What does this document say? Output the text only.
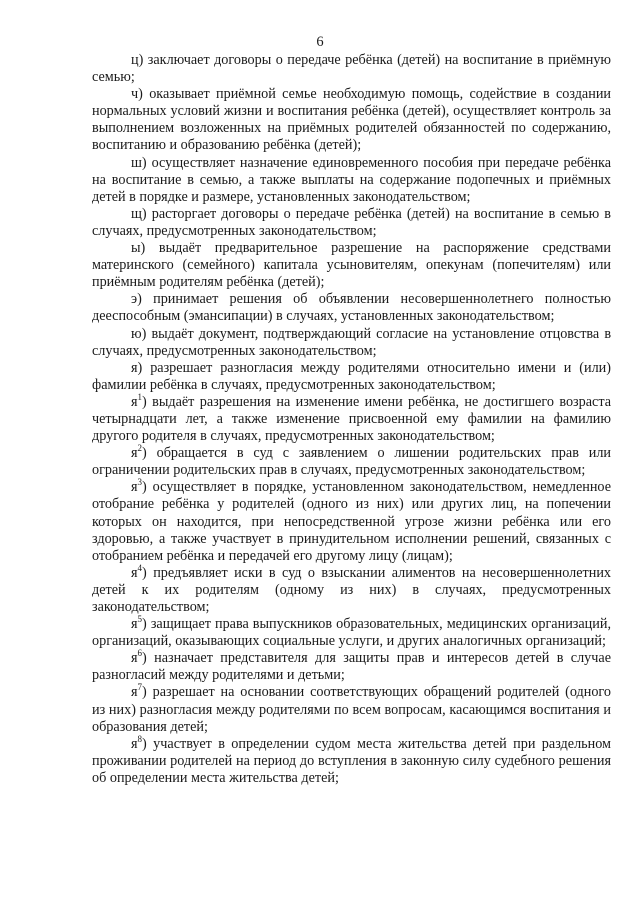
6

ц) заключает договоры о передаче ребёнка (детей) на воспитание в приёмную семью;

ч) оказывает приёмной семье необходимую помощь, содействие в создании нормальных условий жизни и воспитания ребёнка (детей), осуществляет контроль за выполнением возложенных на приёмных родителей обязанностей по содержанию, воспитанию и образованию ребёнка (детей);

ш) осуществляет назначение единовременного пособия при передаче ребёнка на воспитание в семью, а также выплаты на содержание подопечных и приёмных детей в порядке и размере, установленных законодательством;

щ) расторгает договоры о передаче ребёнка (детей) на воспитание в семью в случаях, предусмотренных законодательством;

ы) выдаёт предварительное разрешение на распоряжение средствами материнского (семейного) капитала усыновителям, опекунам (попечителям) или приёмным родителям ребёнка (детей);

э) принимает решения об объявлении несовершеннолетнего полностью дееспособным (эмансипации) в случаях, установленных законодательством;

ю) выдаёт документ, подтверждающий согласие на установление отцовства в случаях, предусмотренных законодательством;

я) разрешает разногласия между родителями относительно имени и (или) фамилии ребёнка в случаях, предусмотренных законодательством;

$я^1$) выдаёт разрешения на изменение имени ребёнка, не достигшего возраста четырнадцати лет, а также изменение присвоенной ему фамилии на фамилию другого родителя в случаях, предусмотренных законодательством;

$я^2$) обращается в суд с заявлением о лишении родительских прав или ограничении родительских прав в случаях, предусмотренных законодательством;

$я^3$) осуществляет в порядке, установленном законодательством, немедленное отобрание ребёнка у родителей (одного из них) или других лиц, на попечении которых он находится, при непосредственной угрозе жизни ребёнка или его здоровью, а также участвует в принудительном исполнении решений, связанных с отобранием ребёнка и передачей его другому лицу (лицам);

$я^4$) предъявляет иски в суд о взыскании алиментов на несовершеннолетних детей к их родителям (одному из них) в случаях, предусмотренных законодательством;

$я^5$) защищает права выпускников образовательных, медицинских организаций, организаций, оказывающих социальные услуги, и других аналогичных организаций;

$я^6$) назначает представителя для защиты прав и интересов детей в случае разногласий между родителями и детьми;

$я^7$) разрешает на основании соответствующих обращений родителей (одного из них) разногласия между родителями по всем вопросам, касающимся воспитания и образования детей;

$я^8$) участвует в определении судом места жительства детей при раздельном проживании родителей на период до вступления в законную силу судебного решения об определении места жительства детей;
